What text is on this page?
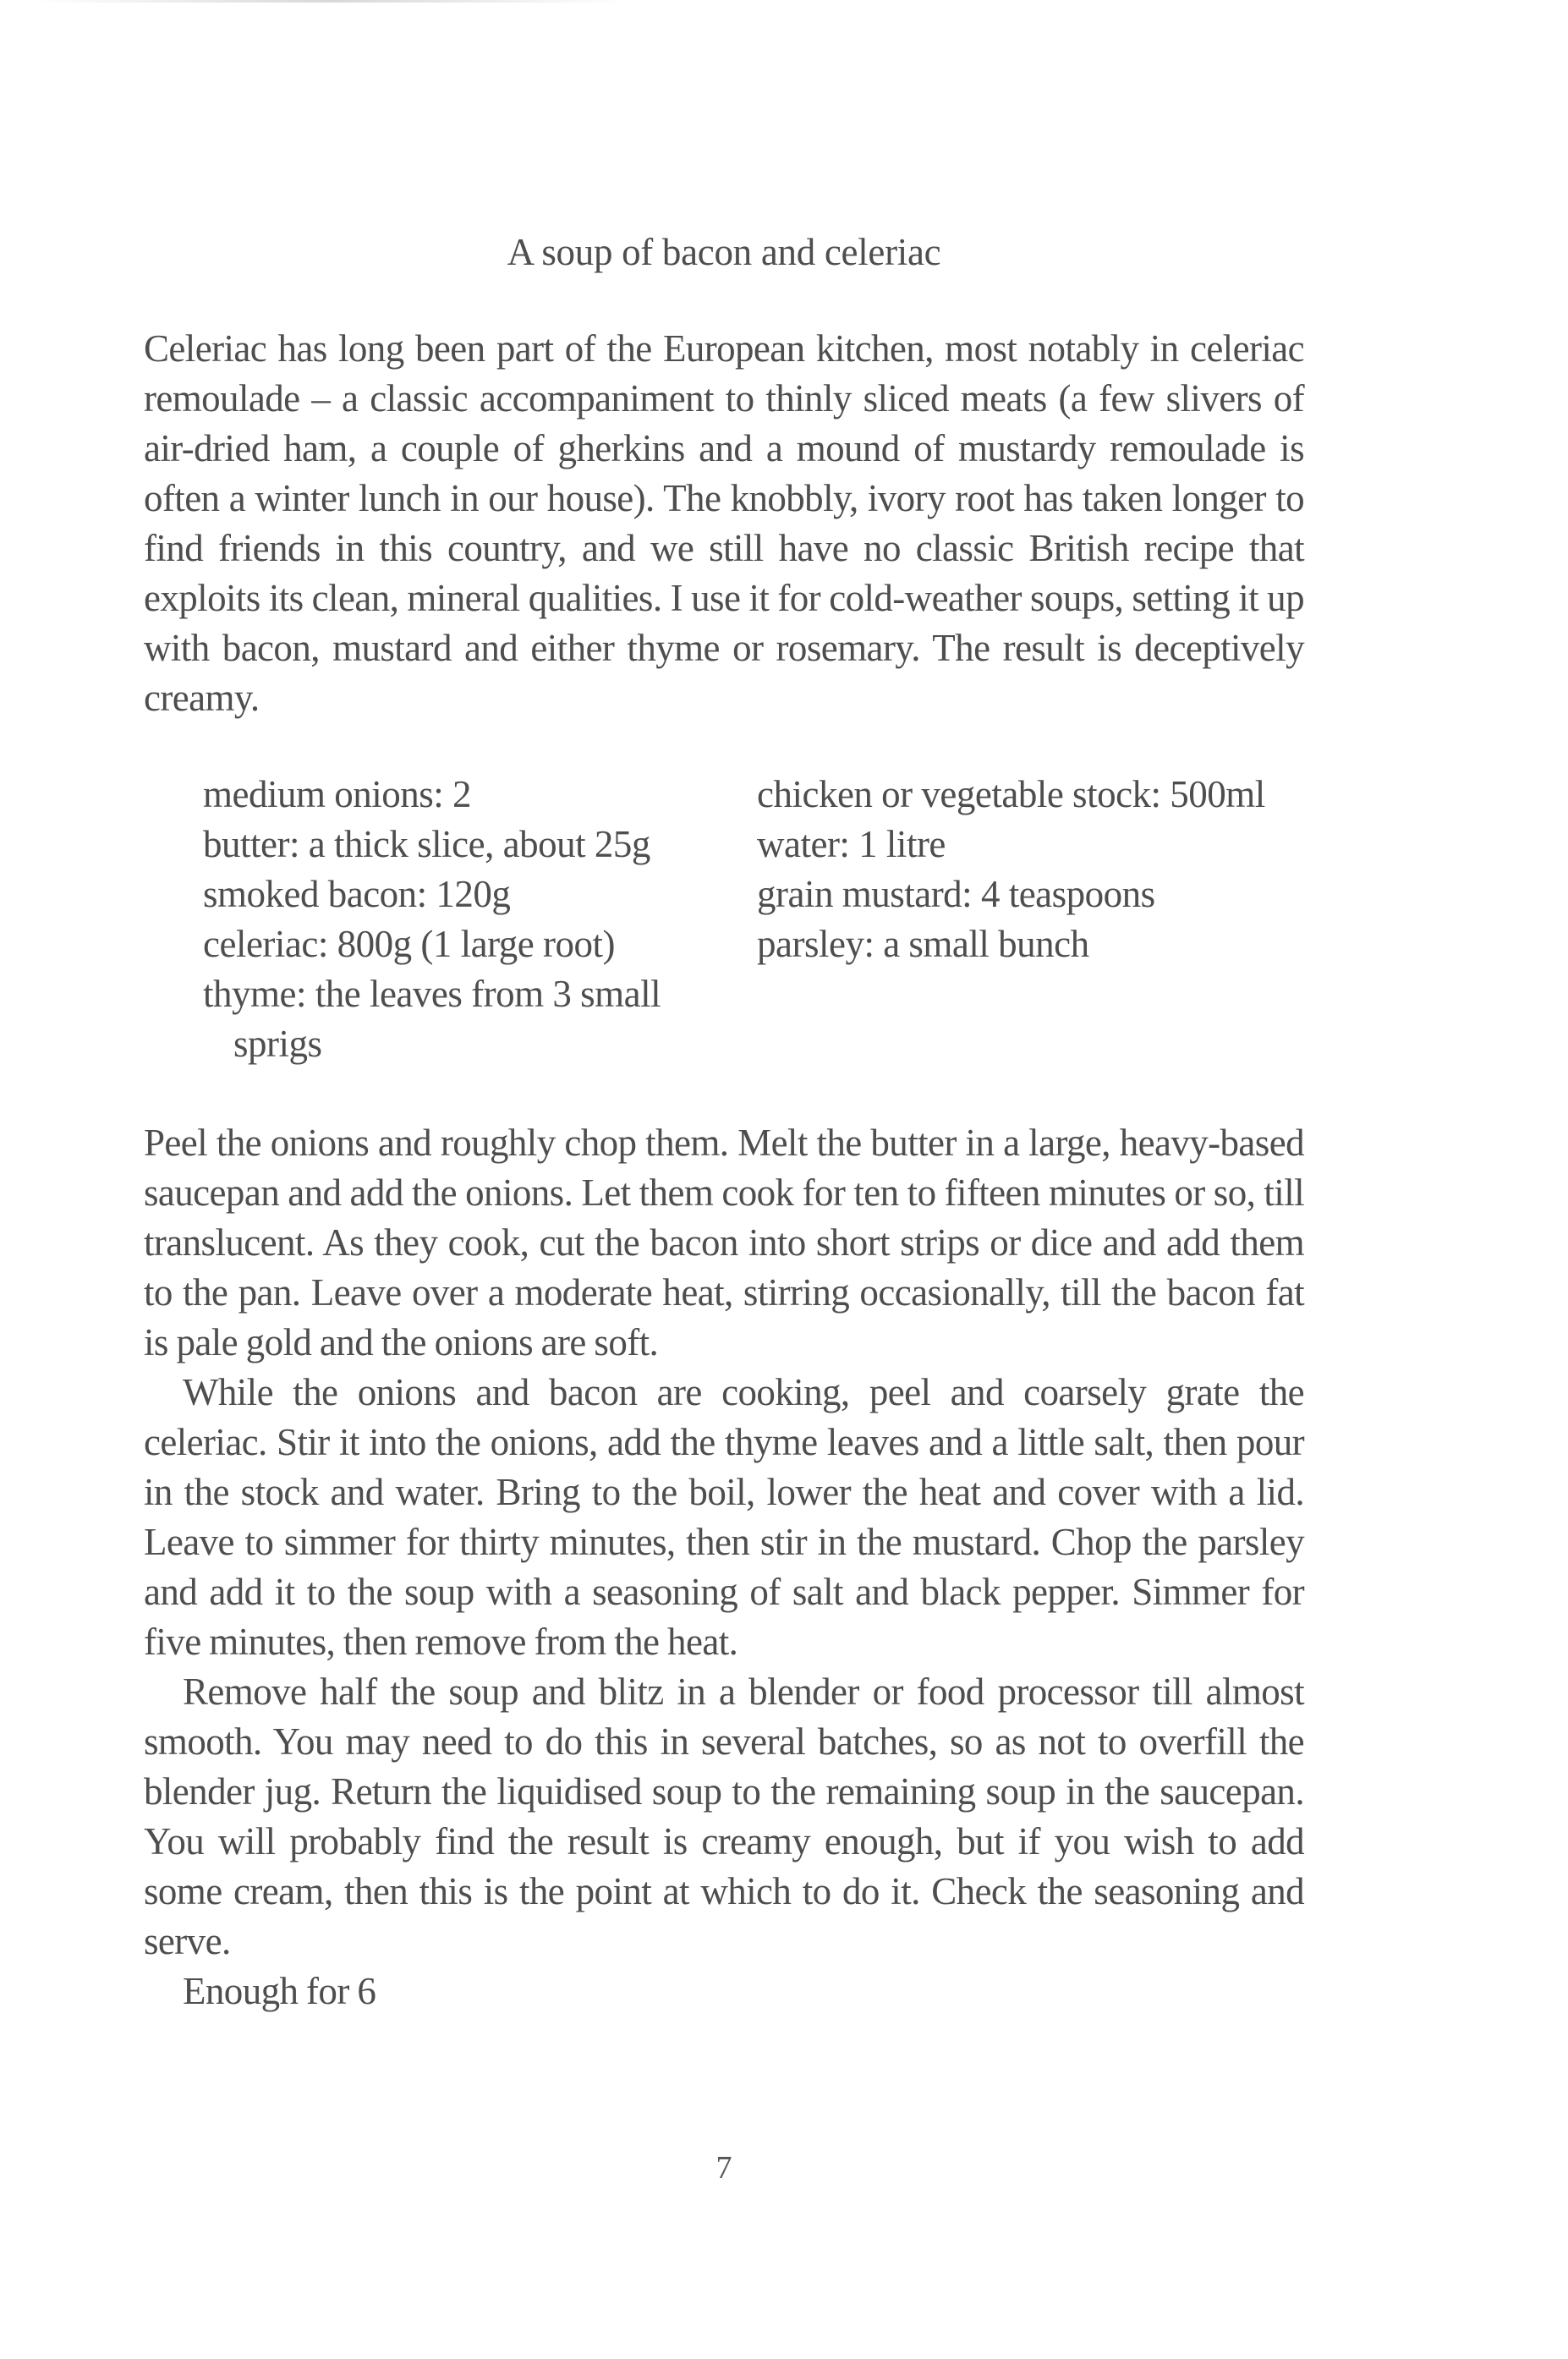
A soup of bacon and celeriac

Celeriac has long been part of the European kitchen, most notably in celeriac remoulade – a classic accompaniment to thinly sliced meats (a few slivers of air-dried ham, a couple of gherkins and a mound of mustardy remoulade is often a winter lunch in our house). The knobbly, ivory root has taken longer to find friends in this country, and we still have no classic British recipe that exploits its clean, mineral qualities. I use it for cold-weather soups, setting it up with bacon, mustard and either thyme or rosemary. The result is deceptively creamy.

medium onions: 2
butter: a thick slice, about 25g
smoked bacon: 120g
celeriac: 800g (1 large root)
thyme: the leaves from 3 small sprigs
chicken or vegetable stock: 500ml
water: 1 litre
grain mustard: 4 teaspoons
parsley: a small bunch

Peel the onions and roughly chop them. Melt the butter in a large, heavy-based saucepan and add the onions. Let them cook for ten to fifteen minutes or so, till translucent. As they cook, cut the bacon into short strips or dice and add them to the pan. Leave over a moderate heat, stirring occasionally, till the bacon fat is pale gold and the onions are soft.

While the onions and bacon are cooking, peel and coarsely grate the celeriac. Stir it into the onions, add the thyme leaves and a little salt, then pour in the stock and water. Bring to the boil, lower the heat and cover with a lid. Leave to simmer for thirty minutes, then stir in the mustard. Chop the parsley and add it to the soup with a seasoning of salt and black pepper. Simmer for five minutes, then remove from the heat.

Remove half the soup and blitz in a blender or food processor till almost smooth. You may need to do this in several batches, so as not to overfill the blender jug. Return the liquidised soup to the remaining soup in the saucepan. You will probably find the result is creamy enough, but if you wish to add some cream, then this is the point at which to do it. Check the seasoning and serve.

Enough for 6

7
